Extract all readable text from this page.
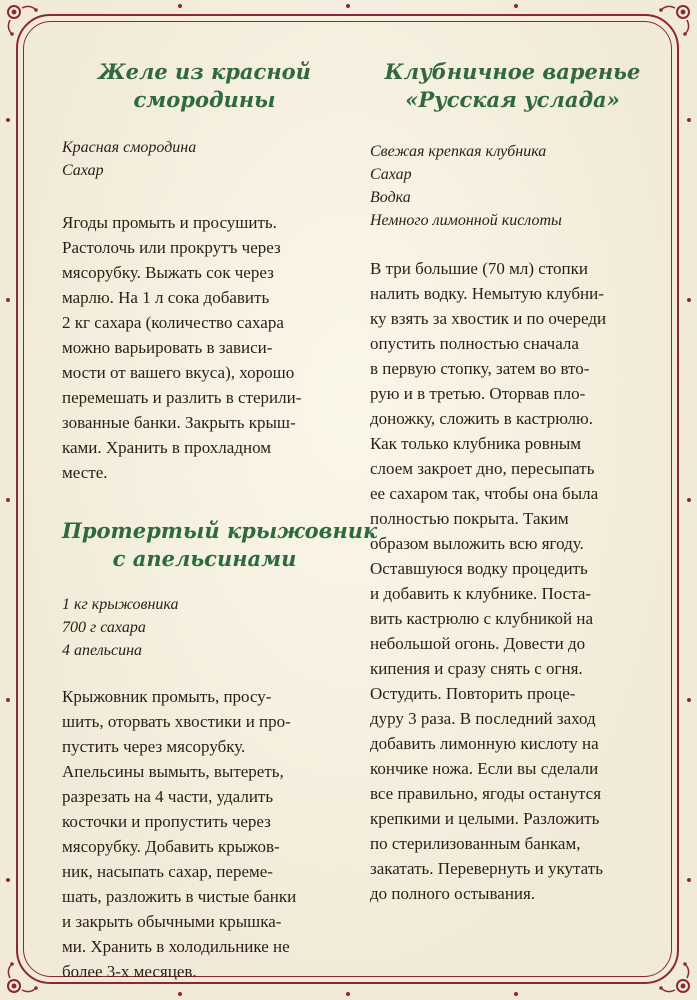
Желе из красной
смородины
Красная смородина
Сахар
Ягоды промыть и просушить.
Растолочь или прокрутъ через
мясорубку. Выжать сок через
марлю. На 1 л сока добавить
2 кг сахара (количество сахара
можно варьировать в зависи-
мости от вашего вкуса), хорошо
перемешать и разлить в стерили-
зованные банки. Закрыть крыш-
ками. Хранить в прохладном
месте.
Протертый крыжовник
с апельсинами
1 кг крыжовника
700 г сахара
4 апельсина
Крыжовник промыть, просу-
шить, оторвать хвостики и про-
пустить через мясорубку.
Апельсины вымыть, вытереть,
разрезать на 4 части, удалить
косточки и пропустить через
мясорубку. Добавить крыжов-
ник, насыпать сахар, переме-
шать, разложить в чистые банки
и закрыть обычными крышка-
ми. Хранить в холодильнике не
более 3-х месяцев.
Клубничное варенье
«Русская услада»
Свежая крепкая клубника
Сахар
Водка
Немного лимонной кислоты
В три большие (70 мл) стопки
налить водку. Немытую клубни-
ку взять за хвостик и по очереди
опустить полностью сначала
в первую стопку, затем во вто-
рую и в третью. Оторвав пло-
доножку, сложить в кастрюлю.
Как только клубника ровным
слоем закроет дно, пересыпать
ее сахаром так, чтобы она была
полностью покрыта. Таким
образом выложить всю ягоду.
Оставшуюся водку процедить
и добавить к клубнике. Поста-
вить кастрюлю с клубникой на
небольшой огонь. Довести до
кипения и сразу снять с огня.
Остудить. Повторить проце-
дуру 3 раза. В последний заход
добавить лимонную кислоту на
кончике ножа. Если вы сделали
все правильно, ягоды останутся
крепкими и целыми. Разложить
по стерилизованным банкам,
закатать. Перевернуть и укутать
до полного остывания.
